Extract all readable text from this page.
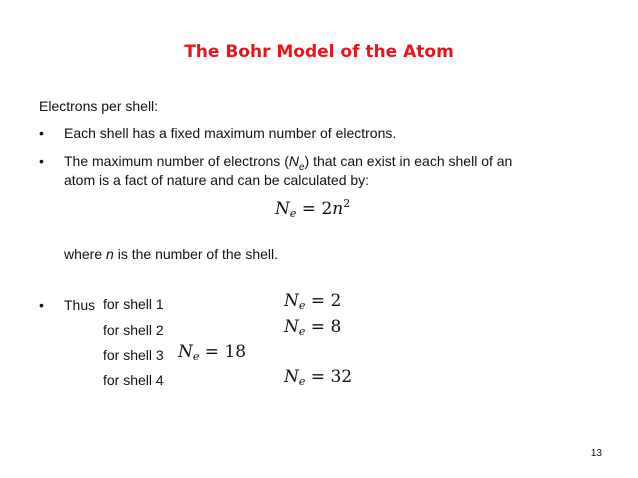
The Bohr Model of the Atom
Electrons per shell:
• Each shell has a fixed maximum number of electrons.
• The maximum number of electrons $(N_e)$ that can exist in each shell of an
atom is a fact of nature and can be calculated by:
$N_e = 2n^2$
where n is the number of the shell.
• Thus for shell 1	$N_e = 2$
for shell 2	$N_e = 8$
for shell 3 $N_e = 18$
for shell 4	$N_e = 32$
13
